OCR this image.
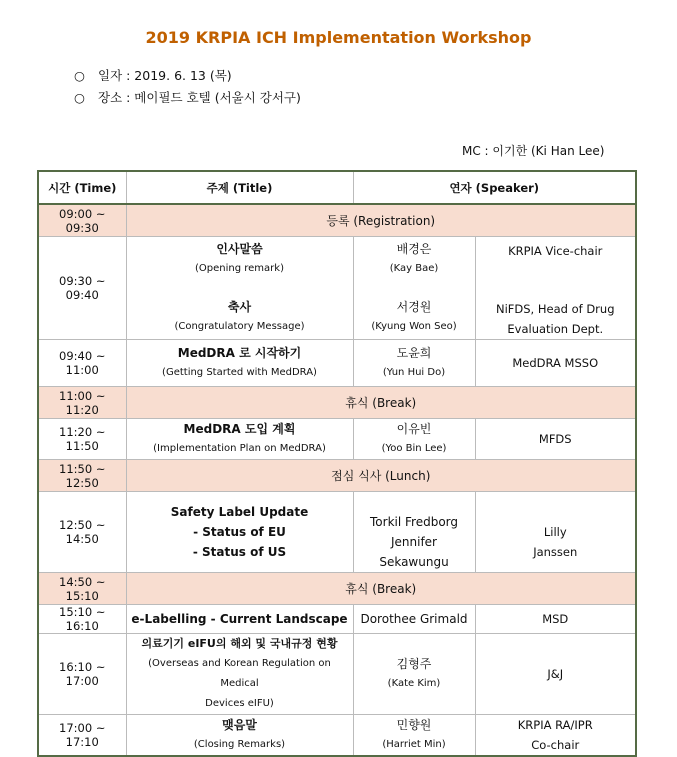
2019 KRPIA ICH Implementation Workshop
○ 일자 : 2019. 6. 13 (목)
○ 장소 : 메이필드 호텔 (서울시 강서구)
MC : 이기한 (Ki Han Lee)
시간 (Time)	주제 (Title)	연자 (Speaker)	
09:00 ~ 09:30	등록 (Registration)		
09:30 ~ 09:40	인사말씀
(Opening remark)
축사
(Congratulatory Message)	배경은
(Kay Bae)
서경원
(Kyung Won Seo)	KRPIA Vice-chair
NiFDS, Head of Drug
Evaluation Dept.

09:40 ~ 11:00	MedDRA 로 시작하기
(Getting Started with MedDRA)	도윤희
(Yun Hui Do)	MedDRA MSSO
11:00 ~ 11:20	휴식 (Break)		
11:20 ~ 11:50	MedDRA 도입 계획
(Implementation Plan on MedDRA)	이유빈
(Yoo Bin Lee)	MFDS
11:50 ~ 12:50	점심 식사 (Lunch)		
12:50 ~ 14:50	Safety Label Update
- Status of EU
- Status of US	Torkil Fredborg
Jennifer Sekawungu	Lilly
Janssen

14:50 ~ 15:10	휴식 (Break)		
15:10 ~ 16:10	e-Labelling - Current Landscape	Dorothee Grimald	MSD
16:10 ~ 17:00	의료기기 eIFU의 해외 및 국내규정 현황
(Overseas and Korean Regulation on Medical
Devices eIFU)	김형주
(Kate Kim)	J&J
17:00 ~ 17:10	맺음말
(Closing Remarks)	민향원
(Harriet Min)	KRPIA RA/IPR
Co-chair
